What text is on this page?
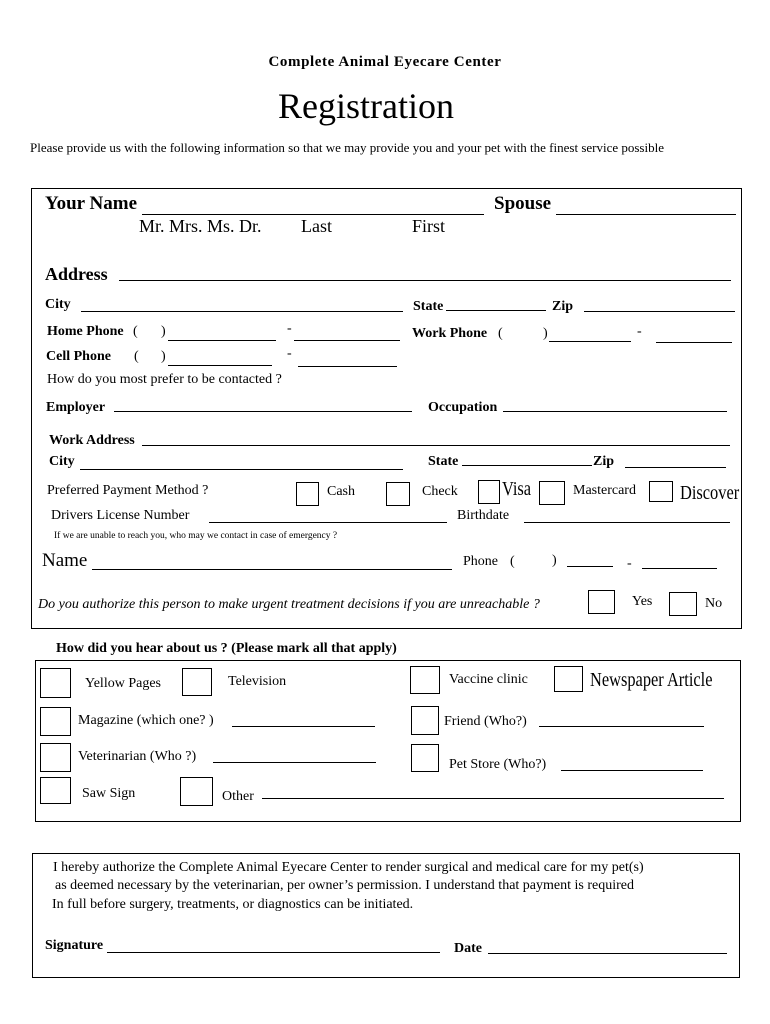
Complete Animal Eyecare Center
Registration
Please provide us with the following information so that we may provide you and your pet with the finest service possible
Your Name	Spouse
Mr. Mrs. Ms. Dr. Last	First
Address
City	State	Zip
Home Phone ( )	-	Work Phone (	)	-
Cell Phone ( )	-
How do you most prefer to be contacted ?
Employer	Occupation
Work Address
City	State	Zip
Preferred Payment Method ?	Cash	Check Visa	Mastercard Discover
Drivers License Number	Birthdate
If we are unable to reach you, who may we contact in case of emergency ?
Name	Phone (	)	-
Do you authorize this person to make urgent treatment decisions if you are unreachable ?	Yes	No
How did you hear about us ? (Please mark all that apply)
Yellow Pages	Television	Vaccine clinic	Newspaper Article
Magazine (which one? )	Friend (Who?)
Veterinarian (Who ?)
Pet Store (Who?)
Saw Sign	Other
I hereby authorize the Complete Animal Eyecare Center to render surgical and medical care for my pet(s)
as deemed necessary by the veterinarian, per owner’s permission. I understand that payment is required
In full before surgery, treatments, or diagnostics can be initiated.
Signature	Date
